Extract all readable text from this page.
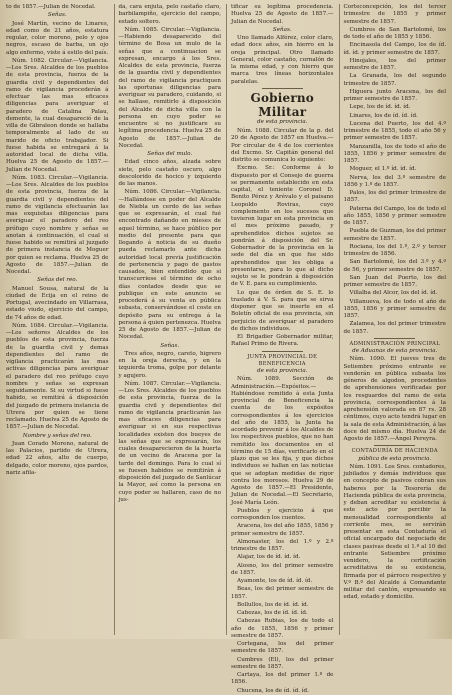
to de 1857.—Julian de Nocedal.

Señas.

José Martín, vecino de Linares, edad como de 21 años, estatura regular, color moreno, pelo y ojos negros, escaso de barba, un ojo algo enfermo, viste á estilo del país.

Núm. 1082. Circular.—Vigilancia.—Los Sres. Alcaldes de los pueblos de esta provincia, fuerza de la guardia civil y dependientes del ramo de vigilancia procederán á efectuar las mas eficaces diligencias para averiguar el paradero de Catalina Palau, demente, la cual desapareció de la villa de Gibraleon donde se hallaba temporalmente al lado de su marido de oficio trabajador. Si fuese habida se entregará á la autoridad local de dicha villa. Huelva 25 de Agosto de 1857.—Julian de Nocedal.

Núm. 1083. Circular.—Vigilancia.—Los Sres. Alcaldes de los pueblos de esta provincia, fuerza de la guardia civil y dependientes del ramo de vigilancia efectuarán las mas exquisitas diligencias para averiguar el paradero del reo prófugo cuyo nombre y señas se anotan á continuación, el cual si fuese habido se remitirá al juzgado de primera instancia de Moguer por quien se reclama. Huelva 25 de Agosto de 1857.—Julian de Nocedal.

Señas del reo.

Manuel Sousa, natural de la ciudad de Ecija en el reino de Portugal, avecindado en Villarrasa, estado viudo, ejercicio del campo, de 74 años de edad.

Núm. 1084. Circular.—Vigilancia.—Los señores Alcaldes de los pueblos de esta provincia, fuerza de la guardia civil y demas dependientes del ramo de vigilancia practicarán las mas activas diligencias para averiguar el paradero del reo prófugo cuyo nombre y señas se expresan seguidamente. Si su virtud si fuese habido, se remitirá á disposición del juzgado de primera instancia de Utrera por quien se tiene reclamado. Huelva 25 de Agosto de 1857.—Julian de Nocedal.

Nombre y señas del reo.

Juan Corado Moreno, natural de las Palacios, partido de Utrera, edad 22 años, alto de cuerpo, delgado, color moreno, ojos pardos, nariz afila-

da, cara enjuta, pelo castaño claro, barbilampiño, ejercicio del campo, estado soltero.

Núm. 1085. Circular.—Vigilancia.—Habiendo desaparecido del término de Bosa un mulo de la señas que a continuacion se expresan, encargo á los Sres. Alcaldes de esta provincia, fuerza de la guardia civil y dependientes del ramo de vigilancia practiquen las oportunas diligencias para averiguar su paradero, cuidando, si se hallase, remitirlo á disposición del Alcalde de dicha villa con la persona en cuyo poder se encuentre si no justificare su legítima procedencia. Huelva 25 de Agosto de 1857.—Julian de Nocedal.

Señas del mulo.

Edad cinco años, alzada sobre siete, pelo castaño oscuro, algo descolorido de hocico y izquierdo de las manos.

Núm. 1086. Circular.—Vigilancia.—Hallándose en poder del Alcalde de Niebla un cerdo de las señas que se expresarán, el cual fué encontrado dañando en mieses de aquel término, se hace público por medio del presente para que llegando á noticia de su dueño pueda reclamarlo ante dicha autoridad local previa justificación de pertenencia y pago de gastos causados, bien entendido que si transcurriese el término de ocho días contados desde que se publique en este anuncio se procederá á su venta en pública subasta, conservándose el coste en depósito para su entrega á la persona á quien pertenezca. Huelva 25 de Agosto de 1857.—Julian de Nocedal.

Señas.

Tres años, negro, careto, higrero en la oreja derecha, y en la izquierda troma, golpe por delante y agujero.

Núm. 1087. Circular.—Vigilancia.—Los Sres. Alcaldes de los pueblos de esta provincia, fuerza de la guardia civil y dependientes del ramo de vigilancia practicarán las mas eficaces diligencias para averiguar si en sus respectivas localidades existen dos bueyes de las señas que se expresarán, los cuales desaparecieron de la huerta de un vecino de Aracena por la tarde del domingo. Para lo cual sí se fuesen habidos se remitirán á disposición del juzgado de Sanlúcar la Mayor, así como la persona en cuyo poder se hallaren, caso de no jus-

tificar su legítima procedencia. Huelva 25 de Agosto de 1857.—Julian de Nocedal.

Señas.

Uno llamado Alférez, color claro, edad doce años, sin hierro en la oreja principal. Otro llamado General, color castaño, cornalón de la misma edad, y con hierro que marca tres líneas horizontales paralelas.

Gobierno Militar

de esta provincia.

Núm. 1088. Circular de la p. del 20 de Agosto de 1857 en Huelva.—Por circular de 4 de los corrientes del Excmo. Sr. Capitán general del distrito se comunica lo siguiente:

Excmo. Sr.: Conforme á lo dispuesto por el Consejo de guerra se permanente establecido en esta capital, el teniente Coronel D. Benito Pérez y Arévalo y el paisano Leopoldo Roviras, cuyo complemento en los sucesos que tuvieron lugar en esta provincia en el mes próximo pasado, y aprehendidos dichos sujetos se pondrán á disposición del Sr. Gobernador de la provincia en la sede del día en que fue sido aprehendidos que les obliga a presentarse, para lo que al dicho sujeto se le pondrán á disposición de V. E. para su cumplimiento.

Lo que de órden de S. E. lo traslado á V. S. para que se sirva disponer que se inserte en el Boletín oficial de esa provincia, sin perjuicio de averiguar el paradero de dichos individuos.

El Brigadier Gobernador militar, Rafael Primo de Rivera.

JUNTA PROVINCIAL DE BENEFICENCIA

de esta provincia.

Núm. 1089. Sección de Administración.—Expósitos.—Habiéndose remitido á esta Junta provincial de Beneficencia la cuenta de los expósitos correspondientes á los ejercicios del año de 1855, la Junta ha acordado prevenir á los Alcaldes de los respectivos pueblos, que no han remitido los documentos en el término de 15 días, verificarlo en el plazo que se les fija, y que dichos individuos se hallan en las noticias que se adoptan medidas de rigor contra los morosos. Huelva 29 de Agosto de 1857.—El Presidente, Julian de Nocedal.—El Secretario, José María León.

Pueblos y ejercicio á que corresponden los cuentos.

Aracena, los del año 1855, 1856 y primer semestre de 1857.

Almonaster, los del 1.º y 2.º trimestre de 1857.

Alajar, los de íd. íd. íd.

Alosno, los del primer semestre de 1857.

Ayamonte, los de íd. íd. íd.

Beas, los del primer semestre de 1857.

Bollullos, los de íd. íd. íd.

Cabezas, los de íd. íd. íd.

Cabezas Rubias, los de todo el año de 1855, 1856 y primer semestre de 1857.

Cortegana, los del primer semestre de 1857.

Cumbres (El), los del primer semestre de 1857.

Cartaya, los del primer 1.º de 1856.

Chucena, los de íd. íd. íd.

Corteconcepción, los del tercer trimestre de 1855 y primer semestre de 1857.

Cumbres de San Bartolomé, los de todo el año de 1855 y 1856.

Encinasola del Campo, los de íd. íd. íd. y primer semestre de 1857.

Hinojales, los del primer semestre de 1857.

La Granada, los del segundo trimestre de 1857.

Higuera junto Aracena, los del primer semestre de 1857.

Lepe, los de íd. íd. íd.

Linares, los de íd. íd. íd.

Lucena del Puerto, los del 4.º trimestre de 1855, todo el año 56 y primer semestre de 1857.

Manzanilla, los de todo el año de 1855, 1856 y primer semestre de 1857.

Moguer, el 1.º íd. íd. íd.

Nerva, los del 3.º semestre de 1856 y 1.º de 1857.

Palos, los del primer trimestre de 1857.

Paterna del Campo, los de todo el año 1855, 1856 y primer semestre de 1857.

Puebla de Guzman, los del primer semestre de 1857.

Rociana, los del 1.º, 2.º y tercer trimestre de 1856.

San Bartolomé, los del 3.º y 4.º de 56, y primer semestre de 1857.

San Juan del Puerto, los del primer semestre de 1857.

Villalba del Alcor, los del íd. íd.

Villanueva, los de todo el año de 1855, 1856 y primer semestre de 1857.

Zalamea, los del primer trimestre de 1857.

ADMINISTRACIÓN PRINCIPAL

de Aduanas de esta provincia.

Núm. 1090. El jueves tres de Setiembre próximo entrante se venderán en pública subasta los géneros de algodon, procedentes de aprehensiones verificadas por los resguardos del ramo de esta provincia, correspondientes á la aprehensión valorada en 87 rs. 28 céntimos, cuyo acto tendrá lugar en la sala de esta Administración, á las doce del mismo día. Huelva 24 de Agosto de 1857.—Ángel Pereyra.

CONTADURÍA DE HACIENDA

pública de esta provincia.

Núm. 1091. Los Sres. contadores, jubilados y demás individuos que en concepto de pasivos cobran sus haberes por la Tesorería de Hacienda pública de esta provincia, y deban acreditar su existencia á este acto por percibir la mensualidad correspondiente al corriente mes, se servirán presentar en esta Contaduría el oficial encargado del negociado de clases pasivas desde el 1.º al 10 del entrante Setiembre próximo venidero, la certificación acreditativa de su existencia, firmada por el párroco respectivo y V.º B.º del Alcalde á Comandante militar del cantón, expresando su edad, estado y domicilio.
